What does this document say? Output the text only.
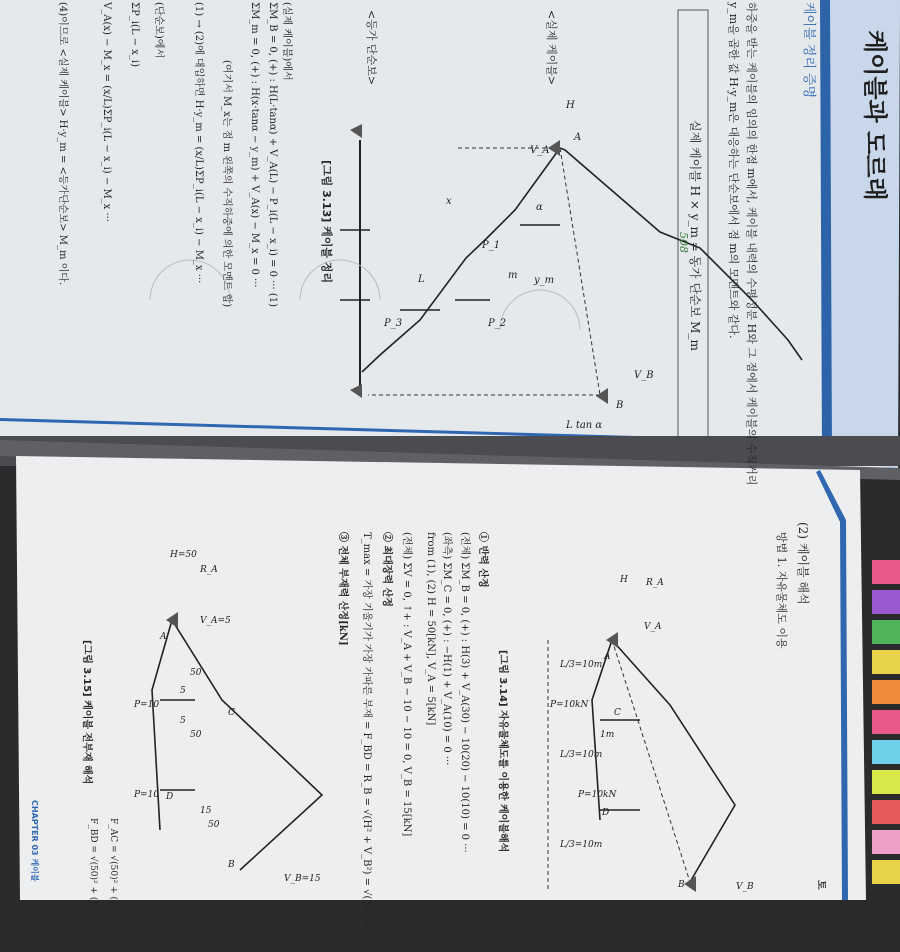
케이블과 도르래
케이블 정리 증명
하중을 받는 케이블의 임의의 한점 m에서, 케이블 내력의 수평성분 H와 그 점에서 케이블의 수직거리
y_m을 곱한 값 H·y_m은 대응하는 단순보에서 점 m의 모멘트와 같다.
실제 케이블 H × y_m = 동가 단순보 M_m
508
<실제 케이블>
<등가 단순보>
[그림 3.13] 케이블 정리
(실제 케이블)에서
ΣM_B = 0, (+) : H(L·tanα) + V_A(L) − P_i(L − x_i) = 0 ··· (1)
ΣM_m = 0, (+) : H(x·tanα − y_m) + V_A(x) − M_x = 0 ···
(여기서 M_x는 점 m 왼쪽의 수직하중에 의한 모멘트 합)
(1) → (2)에 대입하면 H·y_m = (x/L)ΣP_i(L − x_i) − M_x ···
(단순보)에서
ΣP_i(L − x_i)
V_A(x) − M_x = (x/L)ΣP_i(L − x_i) − M_x ···
(4)이므로 <실제 케이블> H·y_m = <등가단순보> M_m 이다.	H
A
V_A
α
x
P_1
P_2
P_3
m y_m
L
B
V_B
L tan α
(2) 케이블 해석
방법 1. 자유물체도 이용
[그림 3.14] 자유물체도를 이용한 케이블해석
① 반력 산정
(전체) ΣM_B = 0, (+) : H(3) + V_A(30) − 10(20) − 10(10) = 0 ···
(좌측) ΣM_C = 0, (+) : −H(1) + V_A(10) = 0 ···
from (1), (2) H = 50[kN], V_A = 5[kN]
(전체) ΣV = 0, ↑+ : V_A + V_B − 10 − 10 = 0, V_B = 15[kN]
② 최대장력 산정
T_max = 가장 기울기가 가장 가파른 부재 = F_BD = R_B = √(H² + V_B²) = √(50² + 15²)
③ 전체 부재력 산정[kN]
[그림 3.15] 케이블 전부재 해석
F_AC = √(50)² + (5)²
F_BD = √(50)² + (15)²
CHAPTER 03 케이블
토
H R_A
V_A
A
C
1m
D
B	V_B
P=10kN
P=10kN
L/3=10m
L/3=10m
L/3=10m
H=50
R_A
V_A=5
A
50
5
5
50
C
50
15
D
B
V_B=15
P=10
P=10
